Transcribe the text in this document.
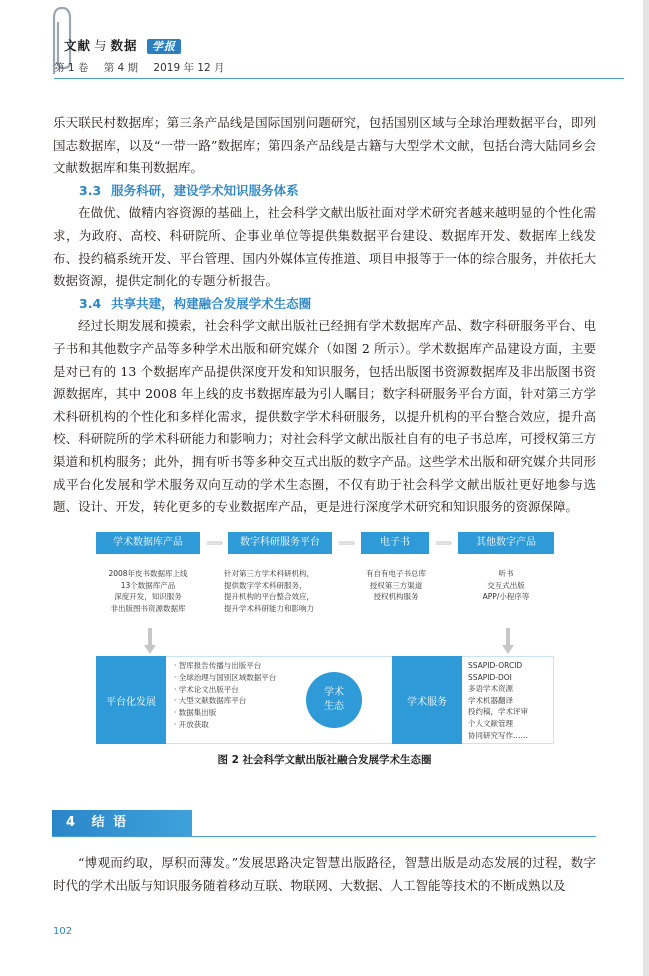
文献 与 数据 学报
第 1 卷 第 4 期 2019 年 12 月

乐天联民村数据库；第三条产品线是国际国别问题研究，包括国别区域与全球治理数据平台，即列国志数据库，以及“一带一路”数据库；第四条产品线是古籍与大型学术文献，包括台湾大陆同乡会文献数据库和集刊数据库。

3.3 服务科研，建设学术知识服务体系

在做优、做精内容资源的基础上，社会科学文献出版社面对学术研究者越来越明显的个性化需求，为政府、高校、科研院所、企事业单位等提供集数据平台建设、数据库开发、数据库上线发布、投约稿系统开发、平台管理、国内外媒体宣传推道、项目申报等于一体的综合服务，并依托大数据资源，提供定制化的专题分析报告。

3.4 共享共建，构建融合发展学术生态圈

经过长期发展和摸索，社会科学文献出版社已经拥有学术数据库产品、数字科研服务平台、电子书和其他数字产品等多种学术出版和研究媒介（如图 2 所示）。学术数据库产品建设方面，主要是对已有的 13 个数据库产品提供深度开发和知识服务，包括出版图书资源数据库及非出版图书资源数据库，其中 2008 年上线的皮书数据库最为引人瞩目；数字科研服务平台方面，针对第三方学术科研机构的个性化和多样化需求，提供数字学术科研服务，以提升机构的平台整合效应，提升高校、科研院所的学术科研能力和影响力；对社会科学文献出版社自有的电子书总库，可授权第三方渠道和机构服务；此外，拥有听书等多种交互式出版的数字产品。这些学术出版和研究媒介共同形成平台化发展和学术服务双向互动的学术生态圈，不仅有助于社会科学文献出版社更好地参与选题、设计、开发，转化更多的专业数据库产品，更是进行深度学术研究和知识服务的资源保障。

学术数据库产品	⟹	数字科研服务平台	⟹	电子书	⟹	其他数字产品
2008年皮书数据库上线
13个数据库产品
深度开发，知识服务
非出版图书资源数据库
针对第三方学术科研机构，
提供数字学术科研服务，
提升机构的平台整合效应，
提升学术科研能力和影响力
有自有电子书总库
授权第三方渠道
授权机构服务
听书
交互式出版
APP/小程序等
平台化发展
· 智库报告传播与出版平台
· 全球治理与国别区域数据平台
· 学术论文出版平台
· 大型文献数据库平台
· 数据集出版
· 开放获取
学术
生态	学术服务
SSAPID-ORCID
SSAPID-DOI
多语学术资源
学术机器翻译
投约稿，学术评审
个人文献管理
协同研究写作……
图 2 社会科学文献出版社融合发展学术生态圈
4 结 语

“博观而约取，厚积而薄发。”发展思路决定智慧出版路径，智慧出版是动态发展的过程，数字时代的学术出版与知识服务随着移动互联、物联网、大数据、人工智能等技术的不断成熟以及

102
